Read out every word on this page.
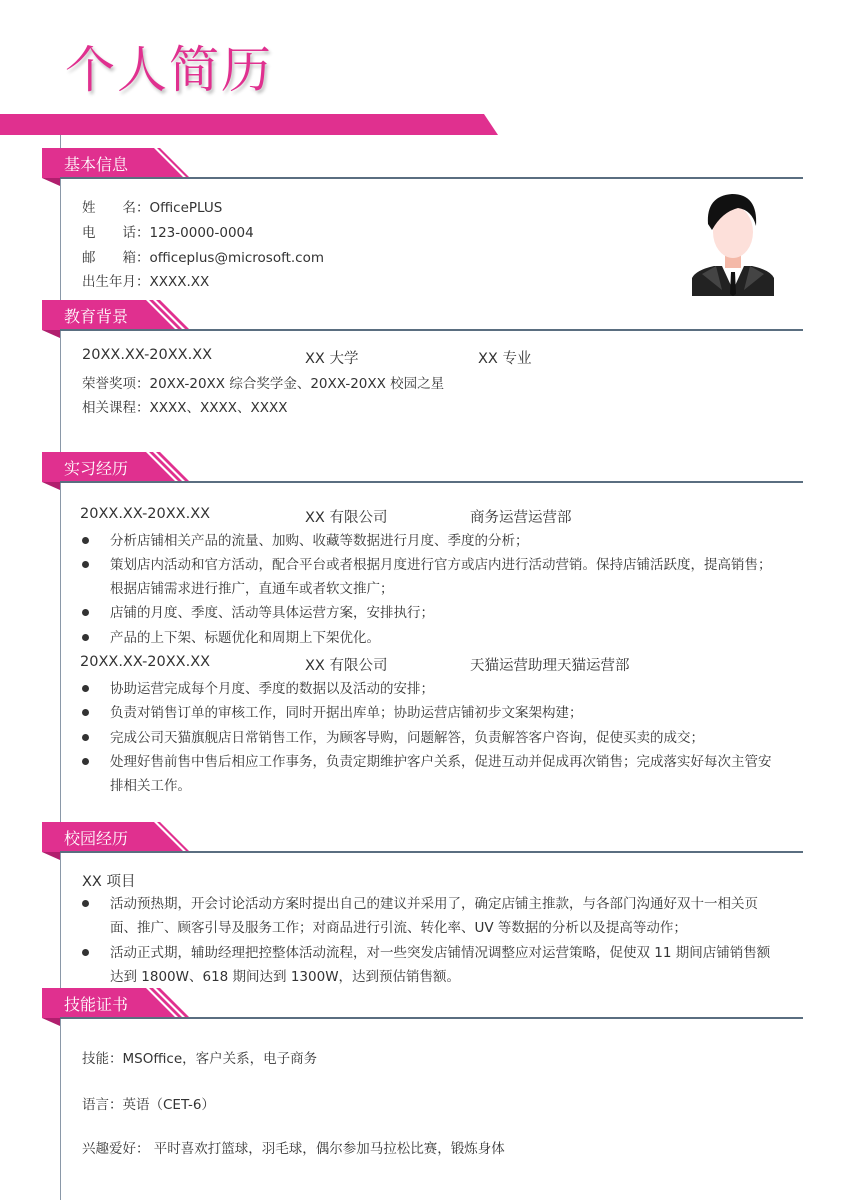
个人简历
基本信息
教育背景
实习经历
校园经历
技能证书
姓　　名：OfficePLUS
电　　话：123-0000-0004
邮　　箱：officeplus@microsoft.com
出生年月：XXXX.XX
20XX.XX-20XX.XX	XX 大学	XX 专业
荣誉奖项：20XX-20XX 综合奖学金、20XX-20XX 校园之星
相关课程：XXXX、XXXX、XXXX
20XX.XX-20XX.XX	XX 有限公司	商务运营运营部
分析店铺相关产品的流量、加购、收藏等数据进行月度、季度的分析；
策划店内活动和官方活动，配合平台或者根据月度进行官方或店内进行活动营销。保持店铺活跃度，提高销售；根据店铺需求进行推广，直通车或者软文推广；
店铺的月度、季度、活动等具体运营方案，安排执行；
产品的上下架、标题优化和周期上下架优化。
20XX.XX-20XX.XX	XX 有限公司	天猫运营助理天猫运营部
协助运营完成每个月度、季度的数据以及活动的安排；
负责对销售订单的审核工作，同时开据出库单；协助运营店铺初步文案架构建；
完成公司天猫旗舰店日常销售工作，为顾客导购，问题解答，负责解答客户咨询，促使买卖的成交；
处理好售前售中售后相应工作事务，负责定期维护客户关系，促进互动并促成再次销售；完成落实好每次主管安排相关工作。
XX 项目
活动预热期，开会讨论活动方案时提出自己的建议并采用了，确定店铺主推款，与各部门沟通好双十一相关页面、推广、顾客引导及服务工作；对商品进行引流、转化率、UV 等数据的分析以及提高等动作；
活动正式期，辅助经理把控整体活动流程，对一些突发店铺情况调整应对运营策略，促使双 11 期间店铺销售额达到 1800W、618 期间达到 1300W，达到预估销售额。
技能：MSOffice，客户关系，电子商务
语言：英语（CET-6）
兴趣爱好： 平时喜欢打篮球，羽毛球，偶尔参加马拉松比赛，锻炼身体
